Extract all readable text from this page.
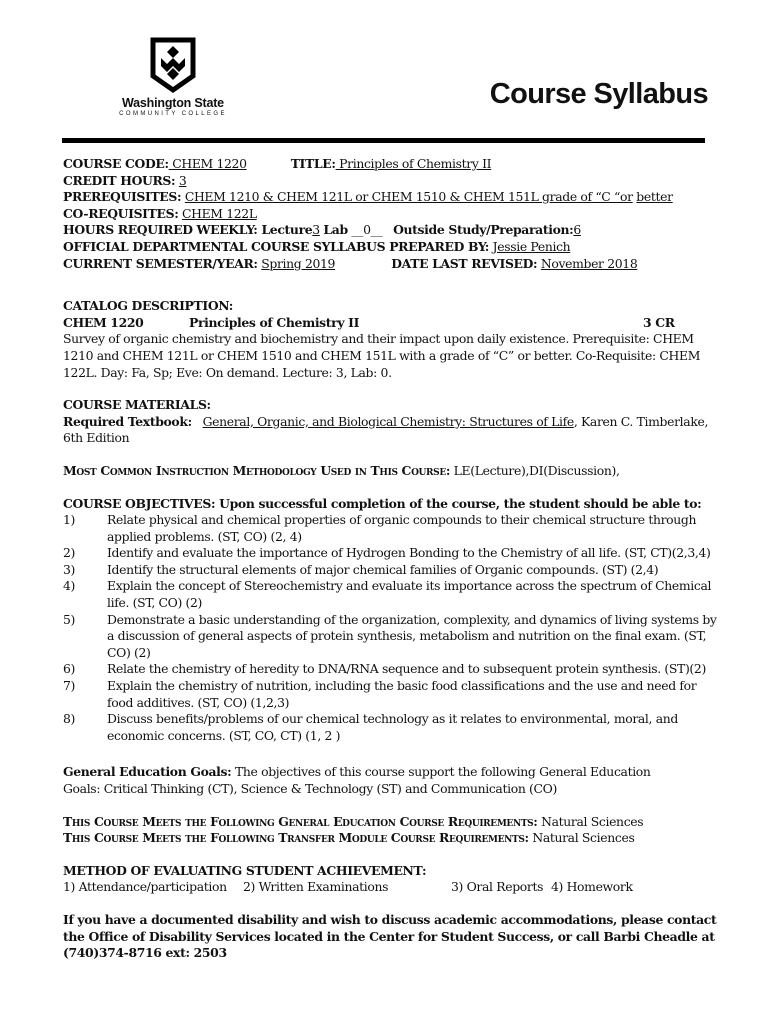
Washington State
COMMUNITY COLLEGE
Course Syllabus
COURSE CODE: CHEM 1220	TITLE: Principles of Chemistry II
CREDIT HOURS: 3
PREREQUISITES: CHEM 1210 & CHEM 121L or CHEM 1510 & CHEM 151L grade of “C “or better
CO-REQUISITES: CHEM 122L
HOURS REQUIRED WEEKLY: Lecture3 Lab __0__ Outside Study/Preparation:6
OFFICIAL DEPARTMENTAL COURSE SYLLABUS PREPARED BY: Jessie Penich
CURRENT SEMESTER/YEAR:
Spring 2019	DATE LAST REVISED:
November 2018
CATALOG DESCRIPTION:
CHEM 1220	Principles of Chemistry II	3 CR
Survey of organic chemistry and biochemistry and their impact upon daily existence. Prerequisite: CHEM 1210 and CHEM 121L or CHEM 1510 and CHEM 151L with a grade of “C” or better. Co-Requisite: CHEM 122L. Day: Fa, Sp; Eve: On demand. Lecture: 3, Lab: 0.
COURSE MATERIALS:
Required Textbook: General, Organic, and Biological Chemistry: Structures of Life, Karen C. Timberlake, 6th Edition
Most Common Instruction Methodology Used in This Course: LE(Lecture),DI(Discussion),
COURSE OBJECTIVES: Upon successful completion of the course, the student should be able to:
1)	Relate physical and chemical properties of organic compounds to their chemical structure through applied problems. (ST, CO) (2, 4)
2)	Identify and evaluate the importance of Hydrogen Bonding to the Chemistry of all life. (ST, CT)(2,3,4)
3)	Identify the structural elements of major chemical families of Organic compounds. (ST) (2,4)
4)	Explain the concept of Stereochemistry and evaluate its importance across the spectrum of Chemical life. (ST, CO) (2)
5)	Demonstrate a basic understanding of the organization, complexity, and dynamics of living systems by a discussion of general aspects of protein synthesis, metabolism and nutrition on the final exam. (ST, CO) (2)
6)	Relate the chemistry of heredity to DNA/RNA sequence and to subsequent protein synthesis. (ST)(2)
7)	Explain the chemistry of nutrition, including the basic food classifications and the use and need for food additives. (ST, CO) (1,2,3)
8)	Discuss benefits/problems of our chemical technology as it relates to environmental, moral, and economic concerns. (ST, CO, CT) (1, 2 )
General Education Goals: The objectives of this course support the following General Education
Goals: Critical Thinking (CT), Science & Technology (ST) and Communication (CO)
This Course Meets the Following General Education Course Requirements: Natural Sciences
This Course Meets the Following Transfer Module Course Requirements: Natural Sciences
METHOD OF EVALUATING STUDENT ACHIEVEMENT:
1) Attendance/participation	2) Written Examinations	3) Oral Reports 4) Homework
If you have a documented disability and wish to discuss academic accommodations, please contact the Office of Disability Services located in the Center for Student Success, or call Barbi Cheadle at (740)374-8716 ext: 2503
